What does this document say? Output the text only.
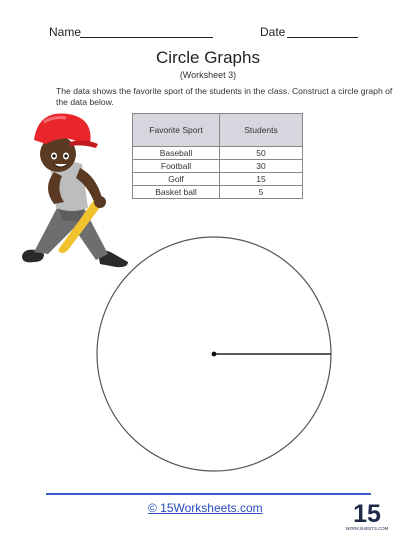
Name	Date
Circle Graphs
(Worksheet 3)
The data shows the favorite sport of the students in the class. Construct a circle graph of the data below.
Favorite Sport	Students
Baseball	50
Football	30
Golf	15
Basket ball	5
© 15Worksheets.com	15
WORKSHEETS.COM
